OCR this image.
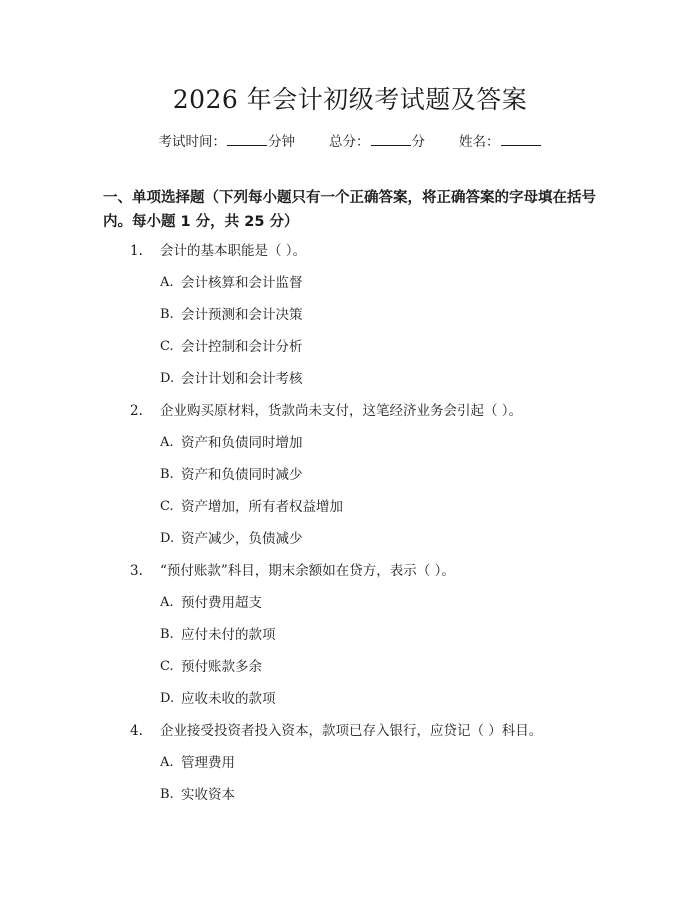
2026 年会计初级考试题及答案
考试时间：	分钟	总分：	分	姓名：
一、单项选择题（下列每小题只有一个正确答案，将正确答案的字母填在括号
内。每小题 1 分，共 25 分）
1. 会计的基本职能是（ ）。
A. 会计核算和会计监督
B. 会计预测和会计决策
C. 会计控制和会计分析
D. 会计计划和会计考核
2. 企业购买原材料，货款尚未支付，这笔经济业务会引起（ ）。
A. 资产和负债同时增加
B. 资产和负债同时减少
C. 资产增加，所有者权益增加
D. 资产减少，负债减少
3. “预付账款”科目，期末余额如在贷方，表示（ ）。
A. 预付费用超支
B. 应付未付的款项
C. 预付账款多余
D. 应收未收的款项
4. 企业接受投资者投入资本，款项已存入银行，应贷记（ ）科目。
A. 管理费用
B. 实收资本
